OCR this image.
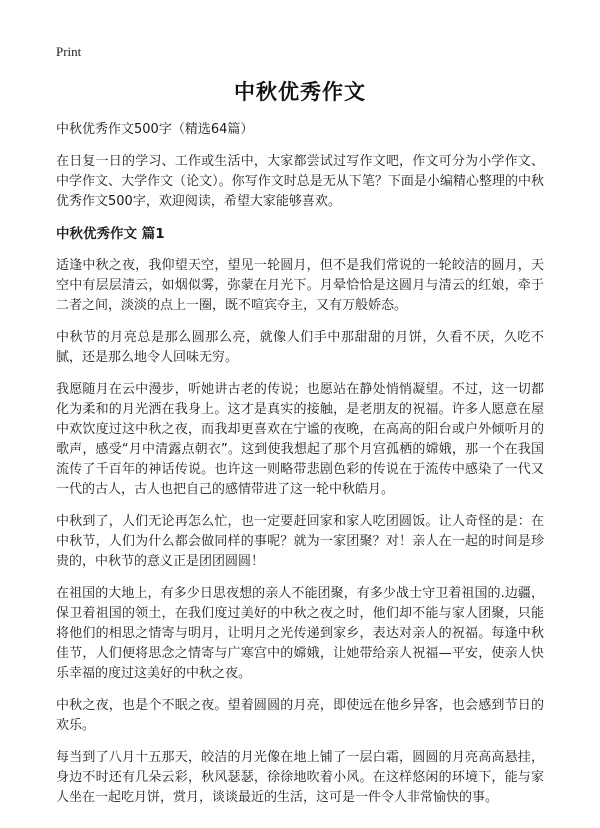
Print
中秋优秀作文

中秋优秀作文500字（精选64篇）

在日复一日的学习、工作或生活中，大家都尝试过写作文吧，作文可分为小学作文、中学作文、大学作文（论文）。你写作文时总是无从下笔？下面是小编精心整理的中秋优秀作文500字，欢迎阅读，希望大家能够喜欢。

中秋优秀作文 篇1

适逢中秋之夜，我仰望天空，望见一轮圆月，但不是我们常说的一轮皎洁的圆月，天空中有层层清云，如烟似雾，弥蒙在月光下。月晕恰恰是这圆月与清云的红娘，牵于二者之间，淡淡的点上一圈，既不喧宾夺主，又有万般娇态。

中秋节的月亮总是那么圆那么亮，就像人们手中那甜甜的月饼，久看不厌，久吃不腻，还是那么地令人回味无穷。

我愿随月在云中漫步，听她讲古老的传说；也愿站在静处悄悄凝望。不过，这一切都化为柔和的月光洒在我身上。这才是真实的接触，是老朋友的祝福。许多人愿意在屋中欢饮度过这中秋之夜，而我却更喜欢在宁谧的夜晚，在高高的阳台或户外倾听月的歌声，感受“月中清露点朝衣”。这到使我想起了那个月宫孤栖的嫦娥，那一个在我国流传了千百年的神话传说。也许这一则略带悲剧色彩的传说在于流传中感染了一代又一代的古人，古人也把自己的感情带进了这一轮中秋皓月。

中秋到了，人们无论再怎么忙，也一定要赶回家和家人吃团圆饭。让人奇怪的是：在中秋节，人们为什么都会做同样的事呢？就为一家团聚？对！亲人在一起的时间是珍贵的，中秋节的意义正是团团圆圆！

在祖国的大地上，有多少日思夜想的亲人不能团聚，有多少战士守卫着祖国的.边疆，保卫着祖国的领土，在我们度过美好的中秋之夜之时，他们却不能与家人团聚，只能将他们的相思之情寄与明月，让明月之光传递到家乡，表达对亲人的祝福。每逢中秋佳节，人们便将思念之情寄与广寒宫中的嫦娥，让她带给亲人祝福—平安，使亲人快乐幸福的度过这美好的中秋之夜。

中秋之夜，也是个不眠之夜。望着圆圆的月亮，即使远在他乡异客，也会感到节日的欢乐。

每当到了八月十五那天，皎洁的月光像在地上铺了一层白霜，圆圆的月亮高高悬挂，身边不时还有几朵云彩，秋风瑟瑟，徐徐地吹着小风。在这样悠闲的环境下，能与家人坐在一起吃月饼，赏月，谈谈最近的生活，这可是一件令人非常愉快的事。
